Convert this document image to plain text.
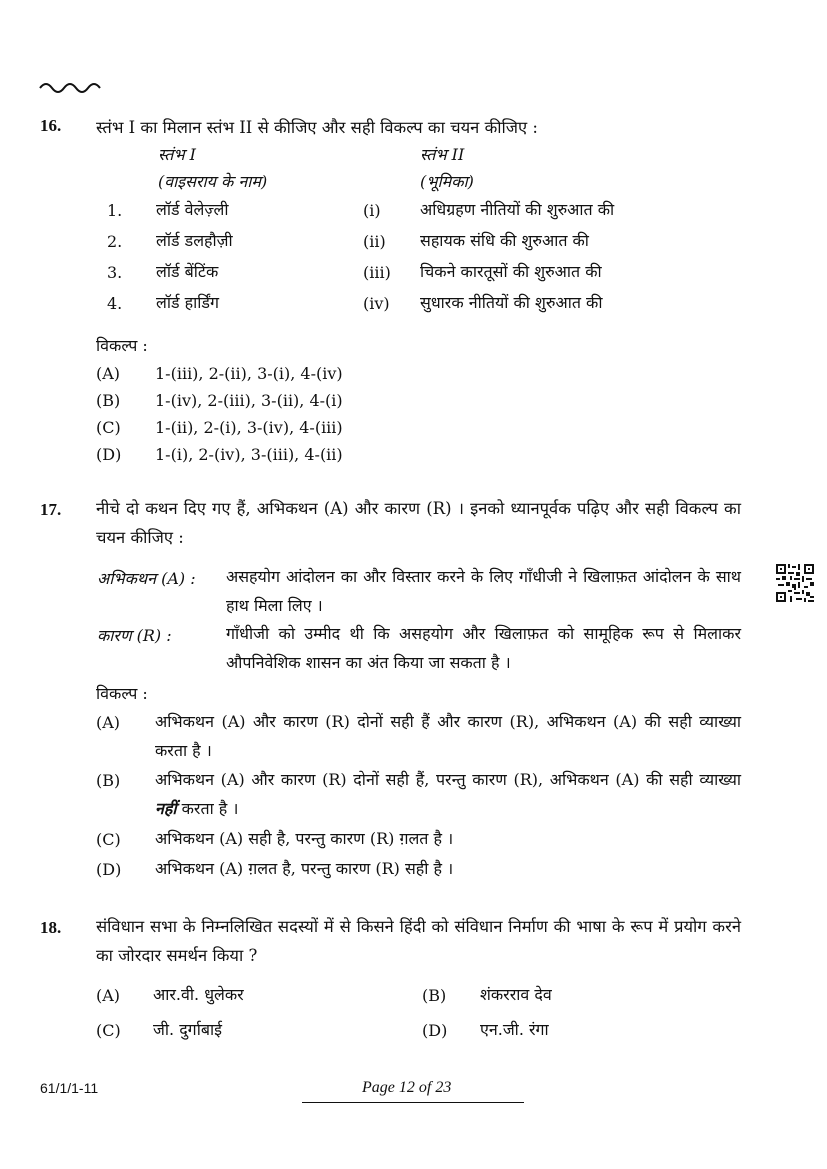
16. स्तंभ I का मिलान स्तंभ II से कीजिए और सही विकल्प का चयन कीजिए :
स्तंभ I
(वाइसराय के नाम)
स्तंभ II
(भूमिका)
1. लॉर्ड वेलेज़्ली	(i) अधिग्रहण नीतियों की शुरुआत की
2. लॉर्ड डलहौज़ी	(ii) सहायक संधि की शुरुआत की
3. लॉर्ड बेंटिंक	(iii) चिकने कारतूसों की शुरुआत की
4. लॉर्ड हार्डिंग	(iv) सुधारक नीतियों की शुरुआत की
विकल्प :
(A) 1-(iii), 2-(ii), 3-(i), 4-(iv)
(B) 1-(iv), 2-(iii), 3-(ii), 4-(i)
(C) 1-(ii), 2-(i), 3-(iv), 4-(iii)
(D) 1-(i), 2-(iv), 3-(iii), 4-(ii)
17. नीचे दो कथन दिए गए हैं, अभिकथन (A) और कारण (R) । इनको ध्यानपूर्वक पढ़िए और सही विकल्प का चयन कीजिए :
अभिकथन (A) : असहयोग आंदोलन का और विस्तार करने के लिए गाँधीजी ने खिलाफ़त आंदोलन के साथ हाथ मिला लिए ।
कारण (R) :	गाँधीजी को उम्मीद थी कि असहयोग और खिलाफ़त को सामूहिक रूप से मिलाकर औपनिवेशिक शासन का अंत किया जा सकता है ।
विकल्प :
(A) अभिकथन (A) और कारण (R) दोनों सही हैं और कारण (R), अभिकथन (A) की सही व्याख्या करता है ।
(B) अभिकथन (A) और कारण (R) दोनों सही हैं, परन्तु कारण (R), अभिकथन (A) की सही व्याख्या नहीं करता है ।
(C) अभिकथन (A) सही है, परन्तु कारण (R) ग़लत है ।
(D) अभिकथन (A) ग़लत है, परन्तु कारण (R) सही है ।
18. संविधान सभा के निम्नलिखित सदस्यों में से किसने हिंदी को संविधान निर्माण की भाषा के रूप में प्रयोग करने का जोरदार समर्थन किया ?
(A) आर.वी. धुलेकर	(B) शंकरराव देव
(C) जी. दुर्गाबाई	(D) एन.जी. रंगा
61/1/1-11	Page 12 of 23
